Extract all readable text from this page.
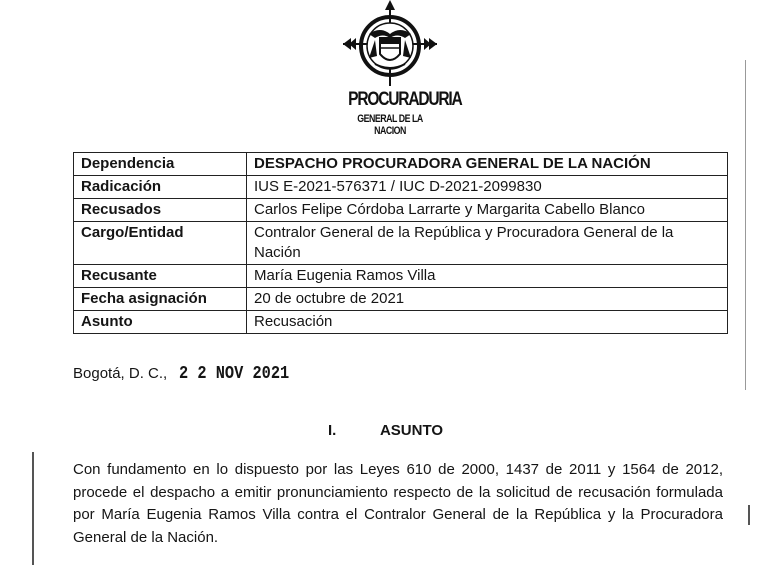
PROCURADURIA
GENERAL DE LA NACION
Dependencia	DESPACHO PROCURADORA GENERAL DE LA NACIÓN
Radicación	IUS E-2021-576371 / IUC D-2021-2099830
Recusados	Carlos Felipe Córdoba Larrarte y Margarita Cabello Blanco
Cargo/Entidad	Contralor General de la República y Procuradora General de la Nación
Recusante	María Eugenia Ramos Villa
Fecha asignación	20 de octubre de 2021
Asunto	Recusación
Bogotá, D. C., 2 2 NOV 2021
I.	ASUNTO
Con fundamento en lo dispuesto por las Leyes 610 de 2000, 1437 de 2011 y 1564 de 2012, procede el despacho a emitir pronunciamiento respecto de la solicitud de recusación formulada por María Eugenia Ramos Villa contra el Contralor General de la República y la Procuradora General de la Nación.
